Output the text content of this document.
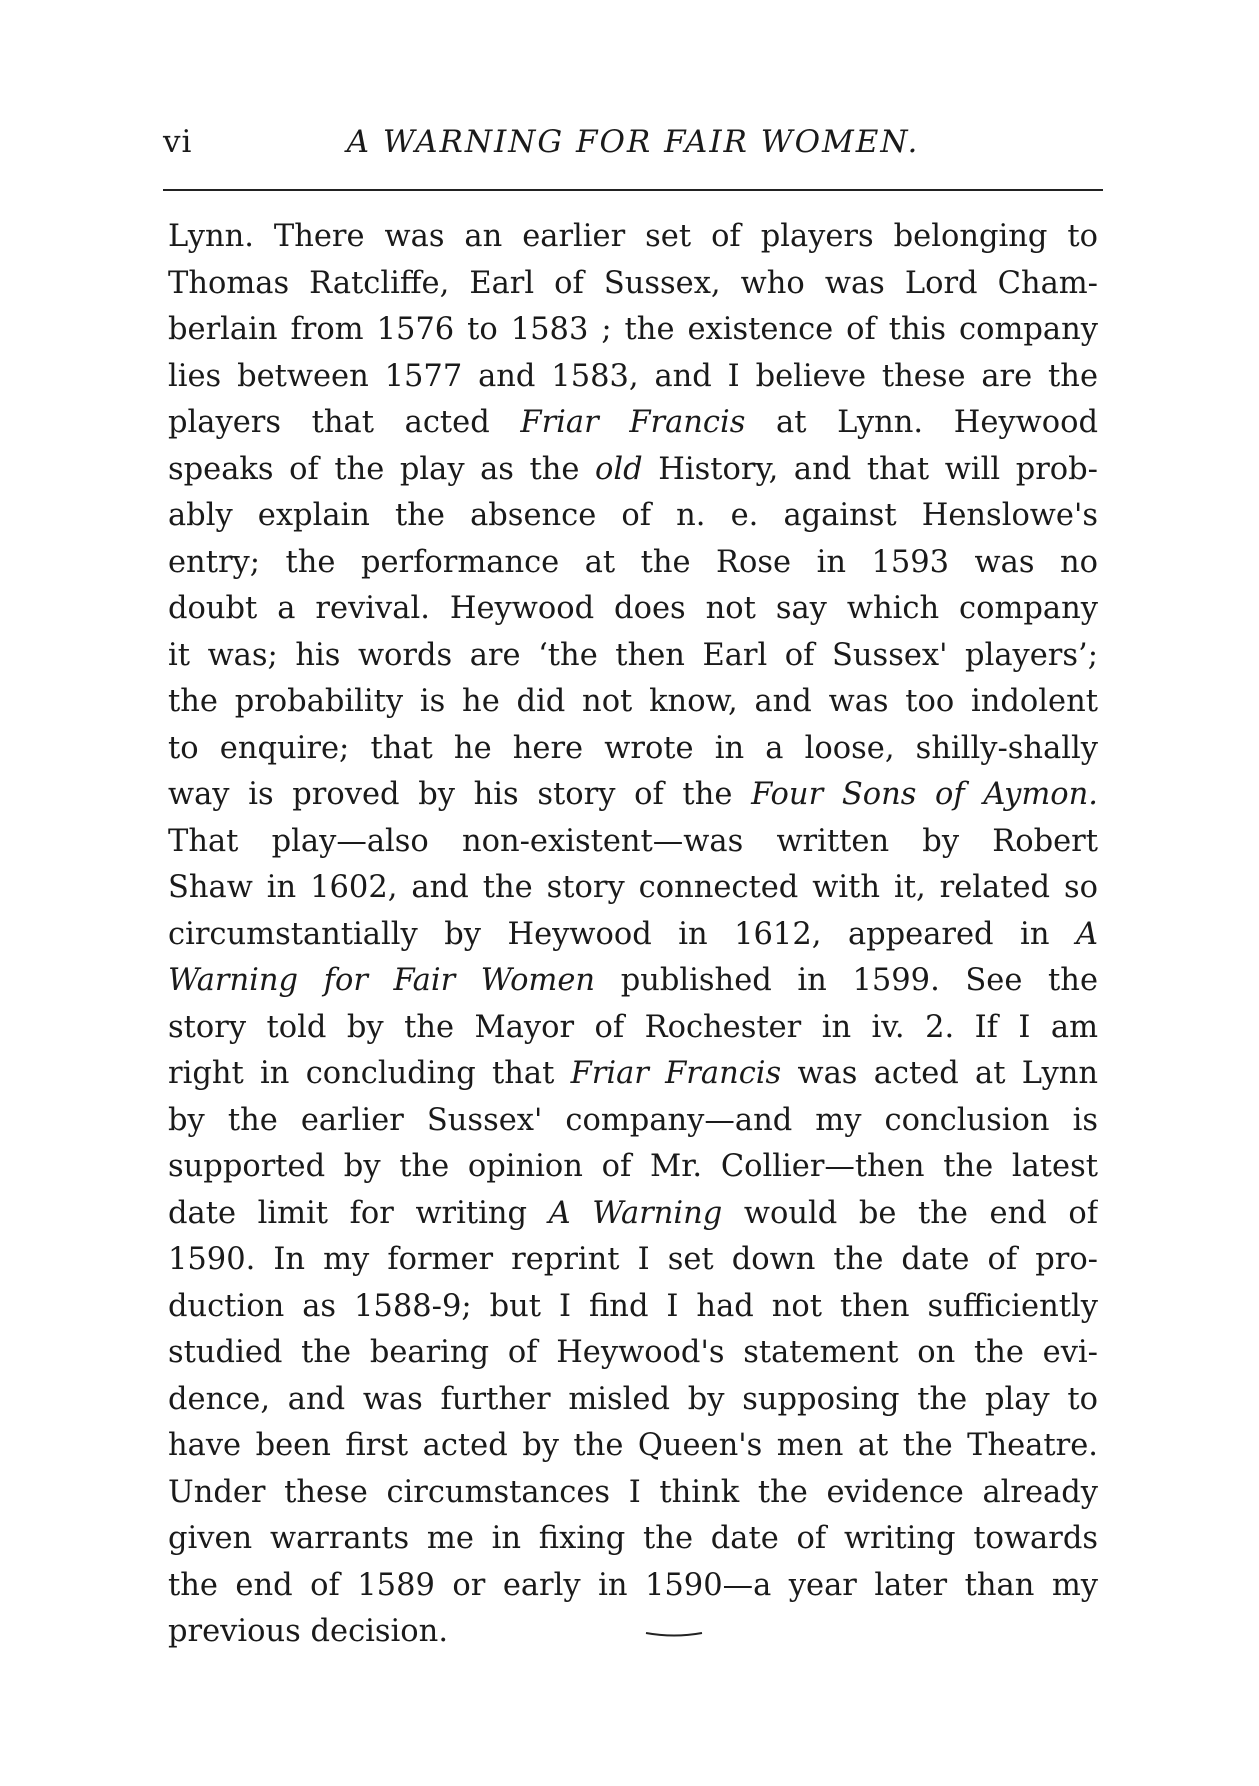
vi	A WARNING FOR FAIR WOMEN.
Lynn. There was an earlier set of players belonging to
Thomas Ratcliffe, Earl of Sussex, who was Lord Cham-
berlain from 1576 to 1583 ; the existence of this company
lies between 1577 and 1583, and I believe these are the
players that acted Friar Francis at Lynn. Heywood
speaks of the play as the old History, and that will prob-
ably explain the absence of n. e. against Henslowe's
entry; the performance at the Rose in 1593 was no
doubt a revival. Heywood does not say which company
it was; his words are ‘the then Earl of Sussex' players’;
the probability is he did not know, and was too indolent
to enquire; that he here wrote in a loose, shilly-shally
way is proved by his story of the Four Sons of Aymon.
That play—also non-existent—was written by Robert
Shaw in 1602, and the story connected with it, related so
circumstantially by Heywood in 1612, appeared in A
Warning for Fair Women published in 1599. See the
story told by the Mayor of Rochester in iv. 2. If I am
right in concluding that Friar Francis was acted at Lynn
by the earlier Sussex' company—and my conclusion is
supported by the opinion of Mr. Collier—then the latest
date limit for writing A Warning would be the end of
1590. In my former reprint I set down the date of pro-
duction as 1588-9; but I find I had not then sufficiently
studied the bearing of Heywood's statement on the evi-
dence, and was further misled by supposing the play to
have been first acted by the Queen's men at the Theatre.
Under these circumstances I think the evidence already
given warrants me in fixing the date of writing towards
the end of 1589 or early in 1590—a year later than my
previous decision.
